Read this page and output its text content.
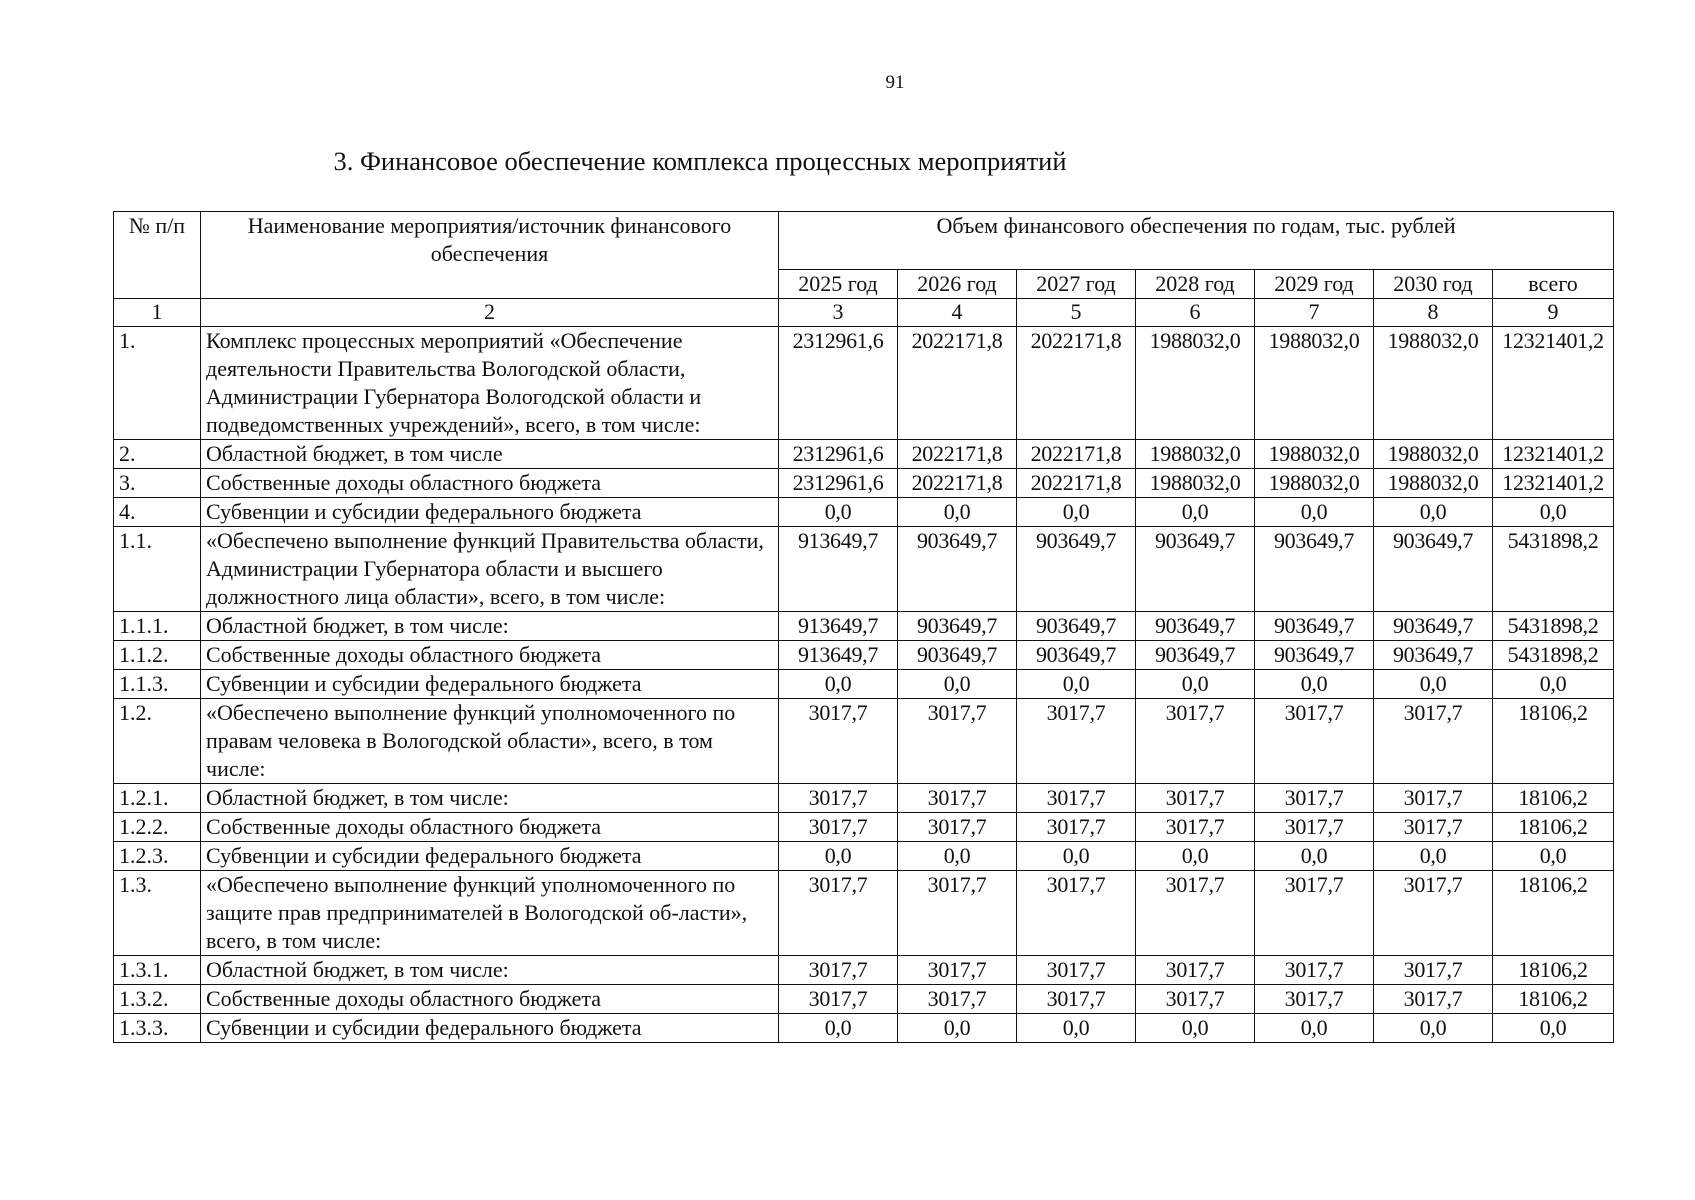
91
3. Финансовое обеспечение комплекса процессных мероприятий
№ п/п	Наименование мероприятия/источник финансового обеспечения	Объем финансового обеспечения по годам, тыс. рублей						
		2025 год	2026 год	2027 год	2028 год	2029 год	2030 год	всего
1	2	3	4	5	6	7	8	9
1.	Комплекс процессных мероприятий «Обеспечение деятельности Правительства Вологодской области, Администрации Губернатора Вологодской области и подведомственных учреждений», всего, в том числе:	2312961,6	2022171,8	2022171,8	1988032,0	1988032,0	1988032,0	12321401,2
2.	Областной бюджет, в том числе	2312961,6	2022171,8	2022171,8	1988032,0	1988032,0	1988032,0	12321401,2
3.	Собственные доходы областного бюджета	2312961,6	2022171,8	2022171,8	1988032,0	1988032,0	1988032,0	12321401,2
4.	Субвенции и субсидии федерального бюджета	0,0	0,0	0,0	0,0	0,0	0,0	0,0
1.1.	«Обеспечено выполнение функций Правительства области, Администрации Губернатора области и высшего должностного лица области», всего, в том числе:	913649,7	903649,7	903649,7	903649,7	903649,7	903649,7	5431898,2
1.1.1.	Областной бюджет, в том числе:	913649,7	903649,7	903649,7	903649,7	903649,7	903649,7	5431898,2
1.1.2.	Собственные доходы областного бюджета	913649,7	903649,7	903649,7	903649,7	903649,7	903649,7	5431898,2
1.1.3.	Субвенции и субсидии федерального бюджета	0,0	0,0	0,0	0,0	0,0	0,0	0,0
1.2.	«Обеспечено выполнение функций уполномоченного по правам человека в Вологодской области», всего, в том числе:	3017,7	3017,7	3017,7	3017,7	3017,7	3017,7	18106,2
1.2.1.	Областной бюджет, в том числе:	3017,7	3017,7	3017,7	3017,7	3017,7	3017,7	18106,2
1.2.2.	Собственные доходы областного бюджета	3017,7	3017,7	3017,7	3017,7	3017,7	3017,7	18106,2
1.2.3.	Субвенции и субсидии федерального бюджета	0,0	0,0	0,0	0,0	0,0	0,0	0,0
1.3.	«Обеспечено выполнение функций уполномоченного по защите прав предпринимателей в Вологодской об-ласти», всего, в том числе:	3017,7	3017,7	3017,7	3017,7	3017,7	3017,7	18106,2
1.3.1.	Областной бюджет, в том числе:	3017,7	3017,7	3017,7	3017,7	3017,7	3017,7	18106,2
1.3.2.	Собственные доходы областного бюджета	3017,7	3017,7	3017,7	3017,7	3017,7	3017,7	18106,2
1.3.3.	Субвенции и субсидии федерального бюджета	0,0	0,0	0,0	0,0	0,0	0,0	0,0
